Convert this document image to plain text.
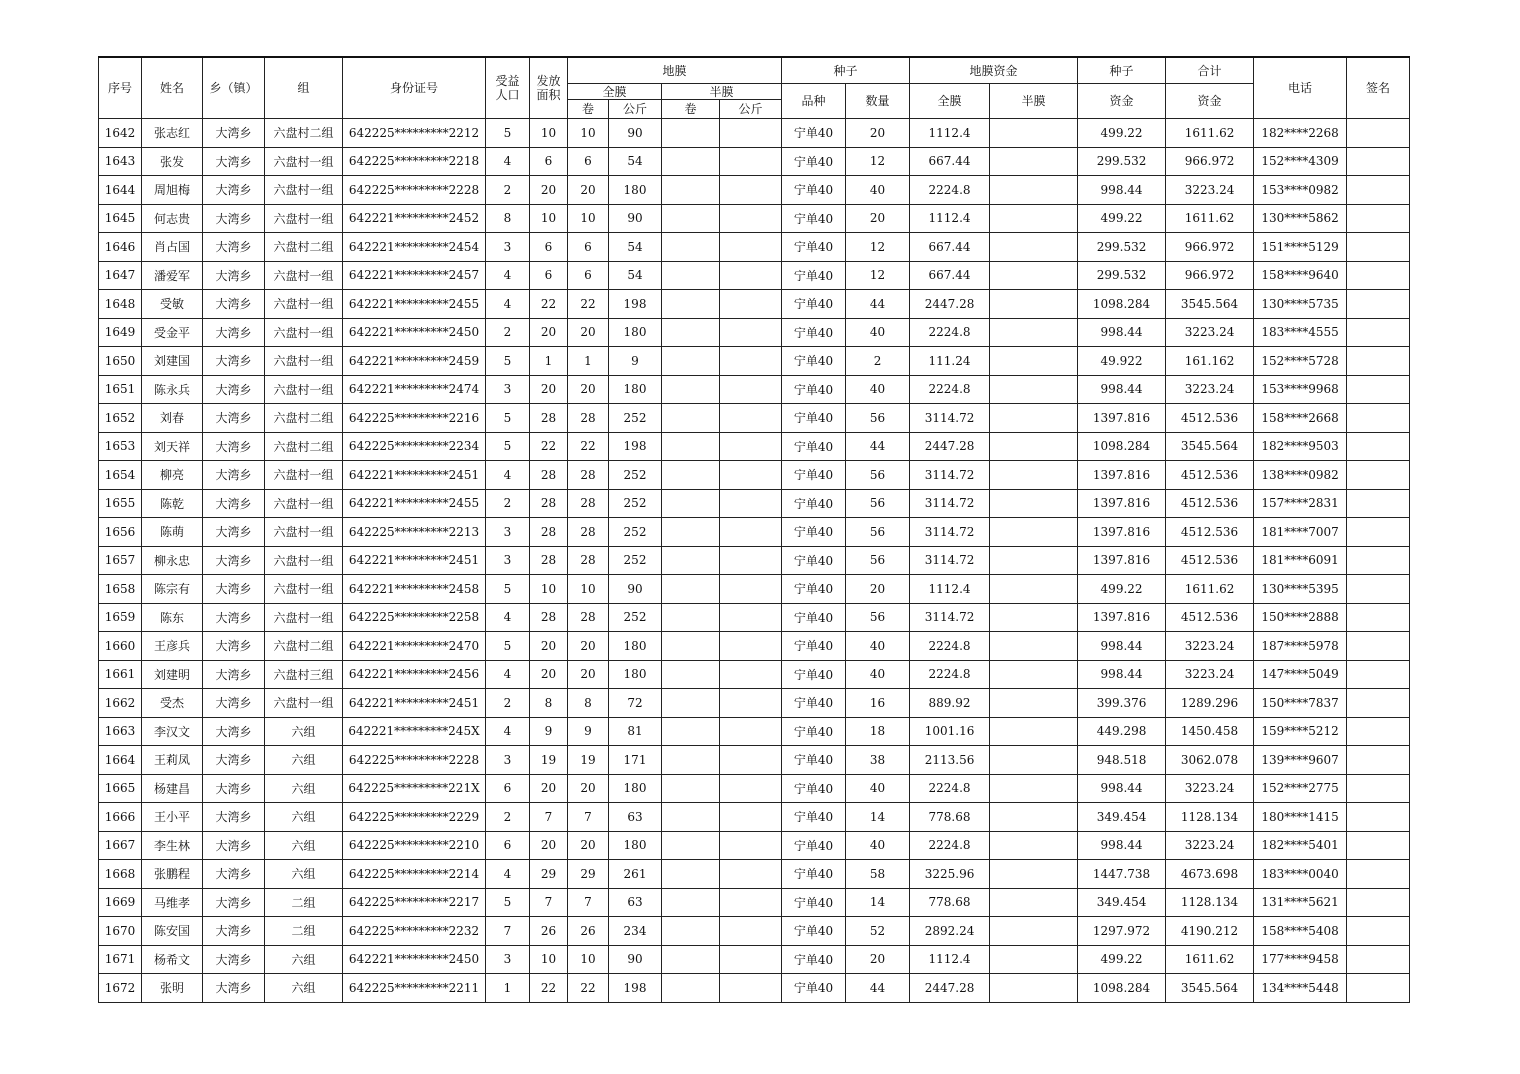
序号	姓名	乡（镇）	组	身份证号	受益人口	发放面积	地膜				种子		地膜资金		种子	合计	电话	签名
							全膜		半膜		品种	数量	全膜	半膜	资金	资金		
							卷	公斤	卷	公斤								
1642	张志红	大湾乡	六盘村二组	642225*********2212	5	10	10	90			宁单40	20	1112.4		499.22	1611.62	182****2268	
1643	张发	大湾乡	六盘村一组	642225*********2218	4	6	6	54			宁单40	12	667.44		299.532	966.972	152****4309	
1644	周旭梅	大湾乡	六盘村一组	642225*********2228	2	20	20	180			宁单40	40	2224.8		998.44	3223.24	153****0982	
1645	何志贵	大湾乡	六盘村一组	642221*********2452	8	10	10	90			宁单40	20	1112.4		499.22	1611.62	130****5862	
1646	肖占国	大湾乡	六盘村二组	642221*********2454	3	6	6	54			宁单40	12	667.44		299.532	966.972	151****5129	
1647	潘爱军	大湾乡	六盘村一组	642221*********2457	4	6	6	54			宁单40	12	667.44		299.532	966.972	158****9640	
1648	受敏	大湾乡	六盘村一组	642221*********2455	4	22	22	198			宁单40	44	2447.28		1098.284	3545.564	130****5735	
1649	受金平	大湾乡	六盘村一组	642221*********2450	2	20	20	180			宁单40	40	2224.8		998.44	3223.24	183****4555	
1650	刘建国	大湾乡	六盘村一组	642221*********2459	5	1	1	9			宁单40	2	111.24		49.922	161.162	152****5728	
1651	陈永兵	大湾乡	六盘村一组	642221*********2474	3	20	20	180			宁单40	40	2224.8		998.44	3223.24	153****9968	
1652	刘春	大湾乡	六盘村二组	642225*********2216	5	28	28	252			宁单40	56	3114.72		1397.816	4512.536	158****2668	
1653	刘天祥	大湾乡	六盘村二组	642225*********2234	5	22	22	198			宁单40	44	2447.28		1098.284	3545.564	182****9503	
1654	柳亮	大湾乡	六盘村一组	642221*********2451	4	28	28	252			宁单40	56	3114.72		1397.816	4512.536	138****0982	
1655	陈乾	大湾乡	六盘村一组	642221*********2455	2	28	28	252			宁单40	56	3114.72		1397.816	4512.536	157****2831	
1656	陈萌	大湾乡	六盘村一组	642225*********2213	3	28	28	252			宁单40	56	3114.72		1397.816	4512.536	181****7007	
1657	柳永忠	大湾乡	六盘村一组	642221*********2451	3	28	28	252			宁单40	56	3114.72		1397.816	4512.536	181****6091	
1658	陈宗有	大湾乡	六盘村一组	642221*********2458	5	10	10	90			宁单40	20	1112.4		499.22	1611.62	130****5395	
1659	陈东	大湾乡	六盘村一组	642225*********2258	4	28	28	252			宁单40	56	3114.72		1397.816	4512.536	150****2888	
1660	王彦兵	大湾乡	六盘村二组	642221*********2470	5	20	20	180			宁单40	40	2224.8		998.44	3223.24	187****5978	
1661	刘建明	大湾乡	六盘村三组	642221*********2456	4	20	20	180			宁单40	40	2224.8		998.44	3223.24	147****5049	
1662	受杰	大湾乡	六盘村一组	642221*********2451	2	8	8	72			宁单40	16	889.92		399.376	1289.296	150****7837	
1663	李汉文	大湾乡	六组	642221*********245X	4	9	9	81			宁单40	18	1001.16		449.298	1450.458	159****5212	
1664	王莉凤	大湾乡	六组	642225*********2228	3	19	19	171			宁单40	38	2113.56		948.518	3062.078	139****9607	
1665	杨建昌	大湾乡	六组	642225*********221X	6	20	20	180			宁单40	40	2224.8		998.44	3223.24	152****2775	
1666	王小平	大湾乡	六组	642225*********2229	2	7	7	63			宁单40	14	778.68		349.454	1128.134	180****1415	
1667	李生林	大湾乡	六组	642225*********2210	6	20	20	180			宁单40	40	2224.8		998.44	3223.24	182****5401	
1668	张鹏程	大湾乡	六组	642225*********2214	4	29	29	261			宁单40	58	3225.96		1447.738	4673.698	183****0040	
1669	马维孝	大湾乡	二组	642225*********2217	5	7	7	63			宁单40	14	778.68		349.454	1128.134	131****5621	
1670	陈安国	大湾乡	二组	642225*********2232	7	26	26	234			宁单40	52	2892.24		1297.972	4190.212	158****5408	
1671	杨希文	大湾乡	六组	642221*********2450	3	10	10	90			宁单40	20	1112.4		499.22	1611.62	177****9458	
1672	张明	大湾乡	六组	642225*********2211	1	22	22	198			宁单40	44	2447.28		1098.284	3545.564	134****5448	
